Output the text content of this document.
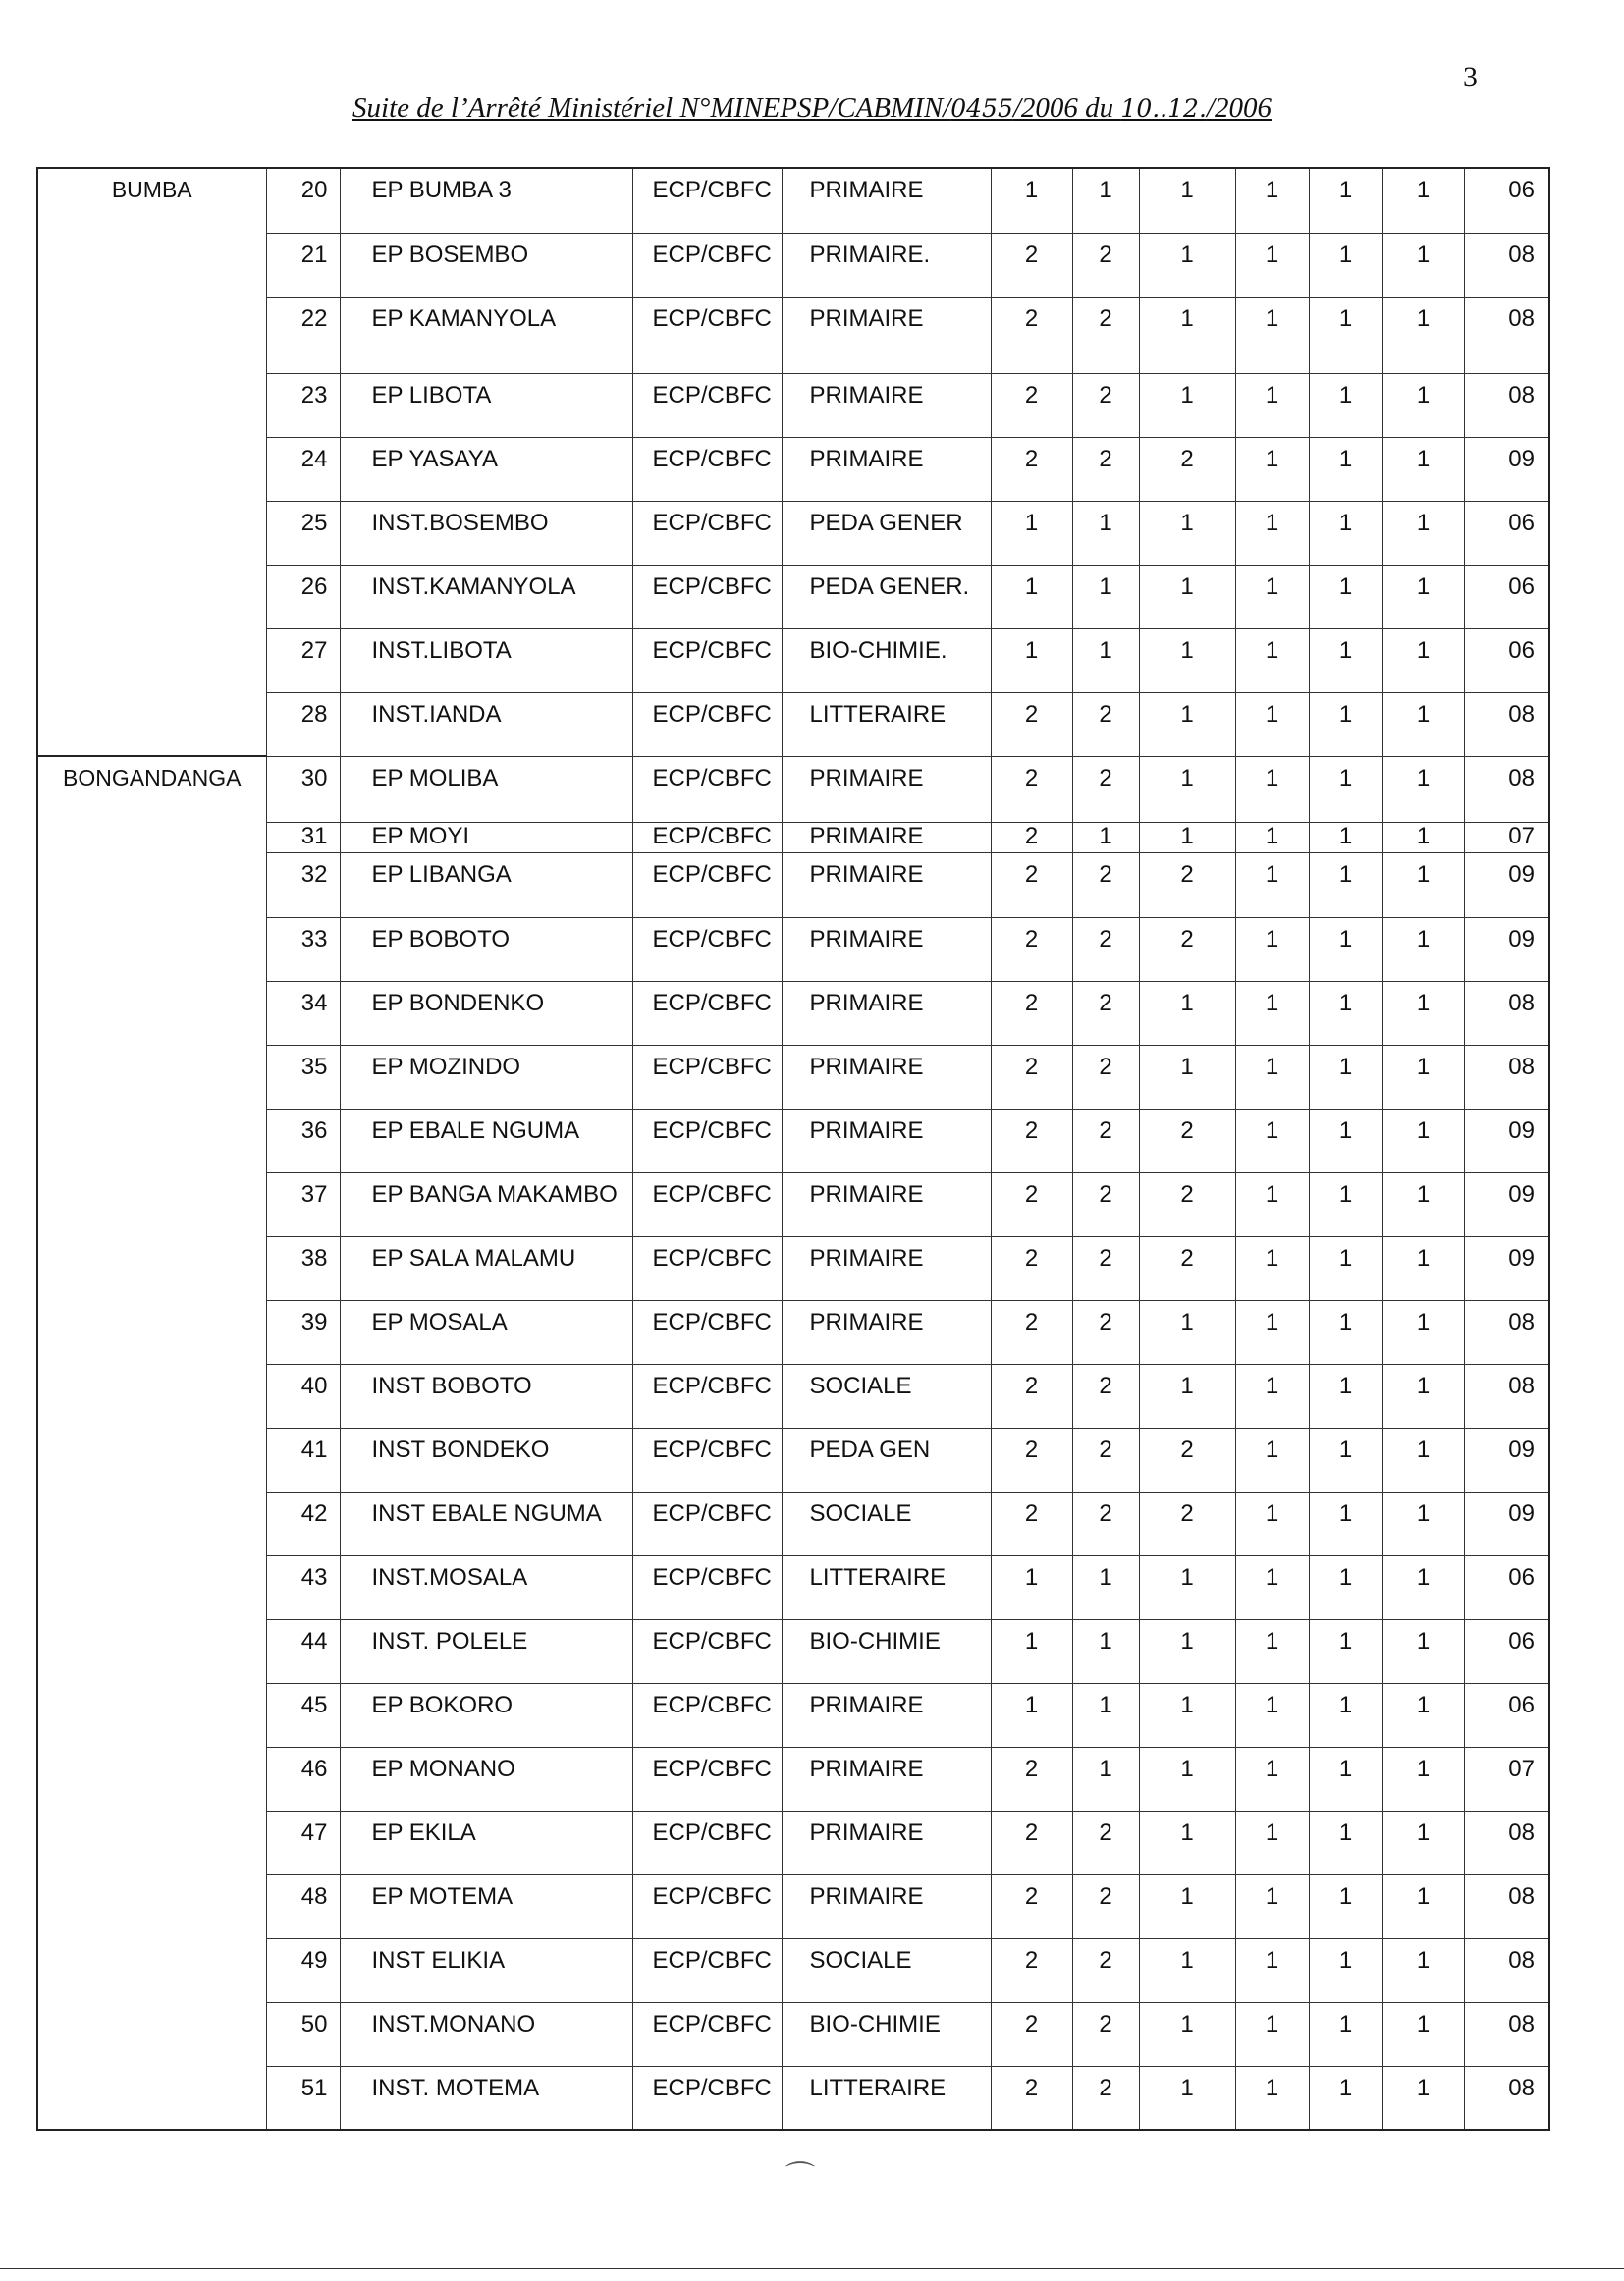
3
Suite de l’Arrêté Ministériel N°MINEPSP/CABMIN/0455/2006 du 10..12./2006
BUMBA	20	EP BUMBA 3	ECP/CBFC	PRIMAIRE	1	1	1	1	1	1	06
	21	EP BOSEMBO	ECP/CBFC	PRIMAIRE.	2	2	1	1	1	1	08
	22	EP KAMANYOLA	ECP/CBFC	PRIMAIRE	2	2	1	1	1	1	08
	23	EP LIBOTA	ECP/CBFC	PRIMAIRE	2	2	1	1	1	1	08
	24	EP YASAYA	ECP/CBFC	PRIMAIRE	2	2	2	1	1	1	09
	25	INST.BOSEMBO	ECP/CBFC	PEDA GENER	1	1	1	1	1	1	06
	26	INST.KAMANYOLA	ECP/CBFC	PEDA GENER.	1	1	1	1	1	1	06
	27	INST.LIBOTA	ECP/CBFC	BIO-CHIMIE.	1	1	1	1	1	1	06
	28	INST.IANDA	ECP/CBFC	LITTERAIRE	2	2	1	1	1	1	08
BONGANDANGA	30	EP MOLIBA	ECP/CBFC	PRIMAIRE	2	2	1	1	1	1	08
	31	EP MOYI	ECP/CBFC	PRIMAIRE	2	1	1	1	1	1	07
	32	EP LIBANGA	ECP/CBFC	PRIMAIRE	2	2	2	1	1	1	09
	33	EP BOBOTO	ECP/CBFC	PRIMAIRE	2	2	2	1	1	1	09
	34	EP BONDENKO	ECP/CBFC	PRIMAIRE	2	2	1	1	1	1	08
	35	EP MOZINDO	ECP/CBFC	PRIMAIRE	2	2	1	1	1	1	08
	36	EP EBALE NGUMA	ECP/CBFC	PRIMAIRE	2	2	2	1	1	1	09
	37	EP BANGA MAKAMBO	ECP/CBFC	PRIMAIRE	2	2	2	1	1	1	09
	38	EP SALA MALAMU	ECP/CBFC	PRIMAIRE	2	2	2	1	1	1	09
	39	EP MOSALA	ECP/CBFC	PRIMAIRE	2	2	1	1	1	1	08
	40	INST BOBOTO	ECP/CBFC	SOCIALE	2	2	1	1	1	1	08
	41	INST BONDEKO	ECP/CBFC	PEDA GEN	2	2	2	1	1	1	09
	42	INST EBALE NGUMA	ECP/CBFC	SOCIALE	2	2	2	1	1	1	09
	43	INST.MOSALA	ECP/CBFC	LITTERAIRE	1	1	1	1	1	1	06
	44	INST. POLELE	ECP/CBFC	BIO-CHIMIE	1	1	1	1	1	1	06
	45	EP BOKORO	ECP/CBFC	PRIMAIRE	1	1	1	1	1	1	06
	46	EP MONANO	ECP/CBFC	PRIMAIRE	2	1	1	1	1	1	07
	47	EP EKILA	ECP/CBFC	PRIMAIRE	2	2	1	1	1	1	08
	48	EP MOTEMA	ECP/CBFC	PRIMAIRE	2	2	1	1	1	1	08
	49	INST ELIKIA	ECP/CBFC	SOCIALE	2	2	1	1	1	1	08
	50	INST.MONANO	ECP/CBFC	BIO-CHIMIE	2	2	1	1	1	1	08
	51	INST. MOTEMA	ECP/CBFC	LITTERAIRE	2	2	1	1	1	1	08
⌒
